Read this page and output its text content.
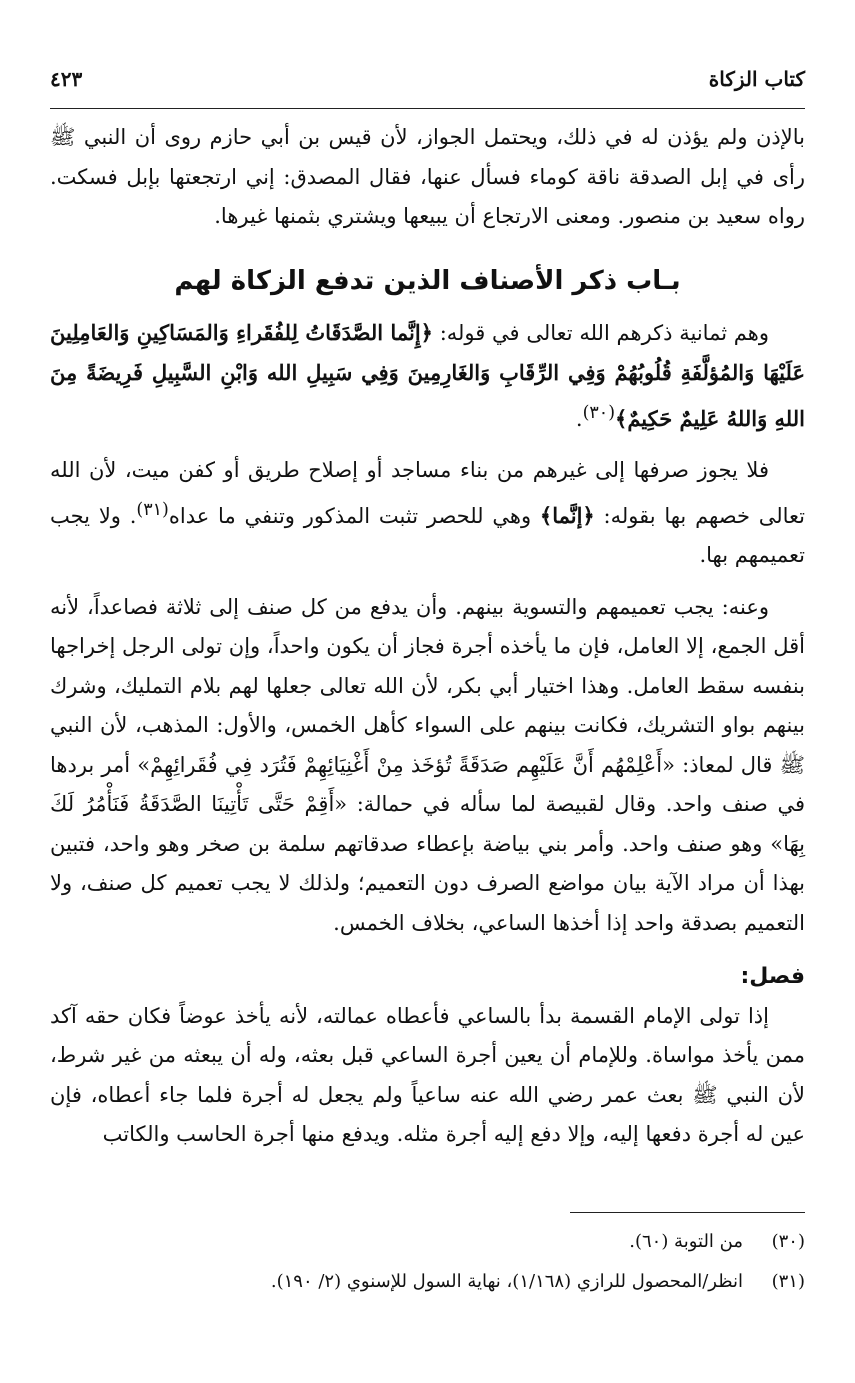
كتاب الزكاة
٤٢٣

بالإذن ولم يؤذن له في ذلك، ويحتمل الجواز، لأن قيس بن أبي حازم روى أن النبي ﷺ رأى في إبل الصدقة ناقة كوماء فسأل عنها، فقال المصدق: إني ارتجعتها بإبل فسكت. رواه سعيد بن منصور. ومعنى الارتجاع أن يبيعها ويشتري بثمنها غيرها.

بـاب ذكر الأصناف الذين تدفع الزكاة لهم

وهم ثمانية ذكرهم الله تعالى في قوله: ﴿إِنَّما الصَّدَقَاتُ لِلفُقَراءِ وَالمَسَاكِينِ وَالعَامِلِينَ عَلَيْهَا وَالمُؤلَّفَةِ قُلُوبُهُمْ وَفِي الرِّقَابِ وَالغَارِمِينَ وَفِي سَبِيلِ الله وَابْنِ السَّبِيلِ فَرِيضَةً مِنَ اللهِ وَاللهُ عَلِيمٌ حَكِيمٌ﴾$^{(٣٠)}$.

فلا يجوز صرفها إلى غيرهم من بناء مساجد أو إصلاح طريق أو كفن ميت، لأن الله تعالى خصهم بها بقوله: ﴿إنَّما﴾ وهي للحصر تثبت المذكور وتنفي ما عداه$^{(٣١)}$. ولا يجب تعميمهم بها.

وعنه: يجب تعميمهم والتسوية بينهم. وأن يدفع من كل صنف إلى ثلاثة فصاعداً، لأنه أقل الجمع، إلا العامل، فإن ما يأخذه أجرة فجاز أن يكون واحداً، وإن تولى الرجل إخراجها بنفسه سقط العامل. وهذا اختيار أبي بكر، لأن الله تعالى جعلها لهم بلام التمليك، وشرك بينهم بواو التشريك، فكانت بينهم على السواء كأهل الخمس، والأول: المذهب، لأن النبي ﷺ قال لمعاذ: «أَعْلِمْهُم أَنَّ عَلَيْهِم صَدَقَةً تُؤخَذ مِنْ أَغْنِيَائِهِمْ فَتُرَد فِي فُقَرائِهِمْ» أمر بردها في صنف واحد. وقال لقبيصة لما سأله في حمالة: «أَقِمْ حَتَّى تَأْتِينَا الصَّدَقَةُ فَنَأْمُرُ لَكَ بِهَا» وهو صنف واحد. وأمر بني بياضة بإعطاء صدقاتهم سلمة بن صخر وهو واحد، فتبين بهذا أن مراد الآية بيان مواضع الصرف دون التعميم؛ ولذلك لا يجب تعميم كل صنف، ولا التعميم بصدقة واحد إذا أخذها الساعي، بخلاف الخمس.

فصل:

إذا تولى الإمام القسمة بدأ بالساعي فأعطاه عمالته، لأنه يأخذ عوضاً فكان حقه آكد ممن يأخذ مواساة. وللإمام أن يعين أجرة الساعي قبل بعثه، وله أن يبعثه من غير شرط، لأن النبي ﷺ بعث عمر رضي الله عنه ساعياً ولم يجعل له أجرة فلما جاء أعطاه، فإن عين له أجرة دفعها إليه، وإلا دفع إليه أجرة مثله. ويدفع منها أجرة الحاسب والكاتب

(٣٠)
من التوبة (٦٠).
(٣١)
انظر/المحصول للرازي (١/١٦٨)، نهاية السول للإسنوي (٢/ ١٩٠).
